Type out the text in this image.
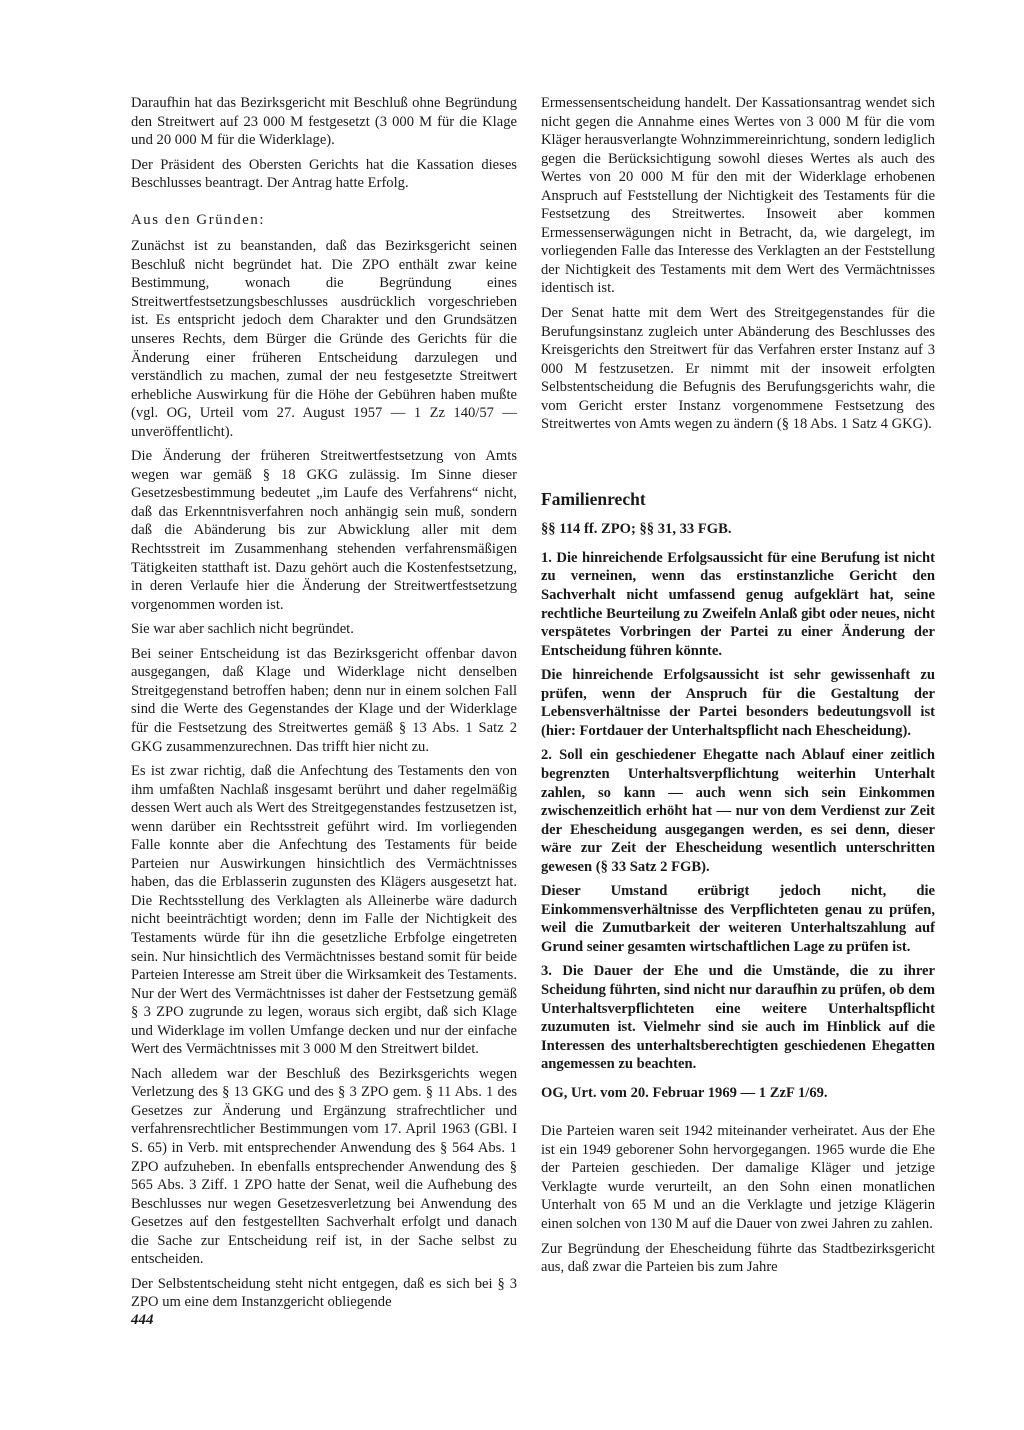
Daraufhin hat das Bezirksgericht mit Beschluß ohne Begründung den Streitwert auf 23 000 M festgesetzt (3 000 M für die Klage und 20 000 M für die Widerklage).

Der Präsident des Obersten Gerichts hat die Kassation dieses Beschlusses beantragt. Der Antrag hatte Erfolg.

Aus den Gründen:

Zunächst ist zu beanstanden, daß das Bezirksgericht seinen Beschluß nicht begründet hat. Die ZPO enthält zwar keine Bestimmung, wonach die Begründung eines Streitwertfestsetzungsbeschlusses ausdrücklich vorgeschrieben ist. Es entspricht jedoch dem Charakter und den Grundsätzen unseres Rechts, dem Bürger die Gründe des Gerichts für die Änderung einer früheren Entscheidung darzulegen und verständlich zu machen, zumal der neu festgesetzte Streitwert erhebliche Auswirkung für die Höhe der Gebühren haben mußte (vgl. OG, Urteil vom 27. August 1957 — 1 Zz 140/57 — unveröffentlicht).

Die Änderung der früheren Streitwertfestsetzung von Amts wegen war gemäß § 18 GKG zulässig. Im Sinne dieser Gesetzesbestimmung bedeutet „im Laufe des Verfahrens“ nicht, daß das Erkenntnisverfahren noch anhängig sein muß, sondern daß die Abänderung bis zur Abwicklung aller mit dem Rechtsstreit im Zusammenhang stehenden verfahrensmäßigen Tätigkeiten statthaft ist. Dazu gehört auch die Kostenfestsetzung, in deren Verlaufe hier die Änderung der Streitwertfestsetzung vorgenommen worden ist.

Sie war aber sachlich nicht begründet.

Bei seiner Entscheidung ist das Bezirksgericht offenbar davon ausgegangen, daß Klage und Widerklage nicht denselben Streitgegenstand betroffen haben; denn nur in einem solchen Fall sind die Werte des Gegenstandes der Klage und der Widerklage für die Festsetzung des Streitwertes gemäß § 13 Abs. 1 Satz 2 GKG zusammenzurechnen. Das trifft hier nicht zu.

Es ist zwar richtig, daß die Anfechtung des Testaments den von ihm umfaßten Nachlaß insgesamt berührt und daher regelmäßig dessen Wert auch als Wert des Streitgegenstandes festzusetzen ist, wenn darüber ein Rechtsstreit geführt wird. Im vorliegenden Falle konnte aber die Anfechtung des Testaments für beide Parteien nur Auswirkungen hinsichtlich des Vermächtnisses haben, das die Erblasserin zugunsten des Klägers ausgesetzt hat. Die Rechtsstellung des Verklagten als Alleinerbe wäre dadurch nicht beeinträchtigt worden; denn im Falle der Nichtigkeit des Testaments würde für ihn die gesetzliche Erbfolge eingetreten sein. Nur hinsichtlich des Vermächtnisses bestand somit für beide Parteien Interesse am Streit über die Wirksamkeit des Testaments. Nur der Wert des Vermächtnisses ist daher der Festsetzung gemäß § 3 ZPO zugrunde zu legen, woraus sich ergibt, daß sich Klage und Widerklage im vollen Umfange decken und nur der einfache Wert des Vermächtnisses mit 3 000 M den Streitwert bildet.

Nach alledem war der Beschluß des Bezirksgerichts wegen Verletzung des § 13 GKG und des § 3 ZPO gem. § 11 Abs. 1 des Gesetzes zur Änderung und Ergänzung strafrechtlicher und verfahrensrechtlicher Bestimmungen vom 17. April 1963 (GBl. I S. 65) in Verb. mit entsprechender Anwendung des § 564 Abs. 1 ZPO aufzuheben. In ebenfalls entsprechender Anwendung des § 565 Abs. 3 Ziff. 1 ZPO hatte der Senat, weil die Aufhebung des Beschlusses nur wegen Gesetzesverletzung bei Anwendung des Gesetzes auf den festgestellten Sachverhalt erfolgt und danach die Sache zur Entscheidung reif ist, in der Sache selbst zu entscheiden.

Der Selbstentscheidung steht nicht entgegen, daß es sich bei § 3 ZPO um eine dem Instanzgericht obliegende

Ermessensentscheidung handelt. Der Kassationsantrag wendet sich nicht gegen die Annahme eines Wertes von 3 000 M für die vom Kläger herausverlangte Wohnzimmereinrichtung, sondern lediglich gegen die Berücksichtigung sowohl dieses Wertes als auch des Wertes von 20 000 M für den mit der Widerklage erhobenen Anspruch auf Feststellung der Nichtigkeit des Testaments für die Festsetzung des Streitwertes. Insoweit aber kommen Ermessenserwägungen nicht in Betracht, da, wie dargelegt, im vorliegenden Falle das Interesse des Verklagten an der Feststellung der Nichtigkeit des Testaments mit dem Wert des Vermächtnisses identisch ist.

Der Senat hatte mit dem Wert des Streitgegenstandes für die Berufungsinstanz zugleich unter Abänderung des Beschlusses des Kreisgerichts den Streitwert für das Verfahren erster Instanz auf 3 000 M festzusetzen. Er nimmt mit der insoweit erfolgten Selbstentscheidung die Befugnis des Berufungsgerichts wahr, die vom Gericht erster Instanz vorgenommene Festsetzung des Streitwertes von Amts wegen zu ändern (§ 18 Abs. 1 Satz 4 GKG).

Familienrecht

§§ 114 ff. ZPO; §§ 31, 33 FGB.

1. Die hinreichende Erfolgsaussicht für eine Berufung ist nicht zu verneinen, wenn das erstinstanzliche Gericht den Sachverhalt nicht umfassend genug aufgeklärt hat, seine rechtliche Beurteilung zu Zweifeln Anlaß gibt oder neues, nicht verspätetes Vorbringen der Partei zu einer Änderung der Entscheidung führen könnte.

Die hinreichende Erfolgsaussicht ist sehr gewissenhaft zu prüfen, wenn der Anspruch für die Gestaltung der Lebensverhältnisse der Partei besonders bedeutungsvoll ist (hier: Fortdauer der Unterhaltspflicht nach Ehescheidung).

2. Soll ein geschiedener Ehegatte nach Ablauf einer zeitlich begrenzten Unterhaltsverpflichtung weiterhin Unterhalt zahlen, so kann — auch wenn sich sein Einkommen zwischenzeitlich erhöht hat — nur von dem Verdienst zur Zeit der Ehescheidung ausgegangen werden, es sei denn, dieser wäre zur Zeit der Ehescheidung wesentlich unterschritten gewesen (§ 33 Satz 2 FGB).

Dieser Umstand erübrigt jedoch nicht, die Einkommensverhältnisse des Verpflichteten genau zu prüfen, weil die Zumutbarkeit der weiteren Unterhaltszahlung auf Grund seiner gesamten wirtschaftlichen Lage zu prüfen ist.

3. Die Dauer der Ehe und die Umstände, die zu ihrer Scheidung führten, sind nicht nur daraufhin zu prüfen, ob dem Unterhaltsverpflichteten eine weitere Unterhaltspflicht zuzumuten ist. Vielmehr sind sie auch im Hinblick auf die Interessen des unterhaltsberechtigten geschiedenen Ehegatten angemessen zu beachten.

OG, Urt. vom 20. Februar 1969 — 1 ZzF 1/69.

Die Parteien waren seit 1942 miteinander verheiratet. Aus der Ehe ist ein 1949 geborener Sohn hervorgegangen. 1965 wurde die Ehe der Parteien geschieden. Der damalige Kläger und jetzige Verklagte wurde verurteilt, an den Sohn einen monatlichen Unterhalt von 65 M und an die Verklagte und jetzige Klägerin einen solchen von 130 M auf die Dauer von zwei Jahren zu zahlen.

Zur Begründung der Ehescheidung führte das Stadtbezirksgericht aus, daß zwar die Parteien bis zum Jahre

444
